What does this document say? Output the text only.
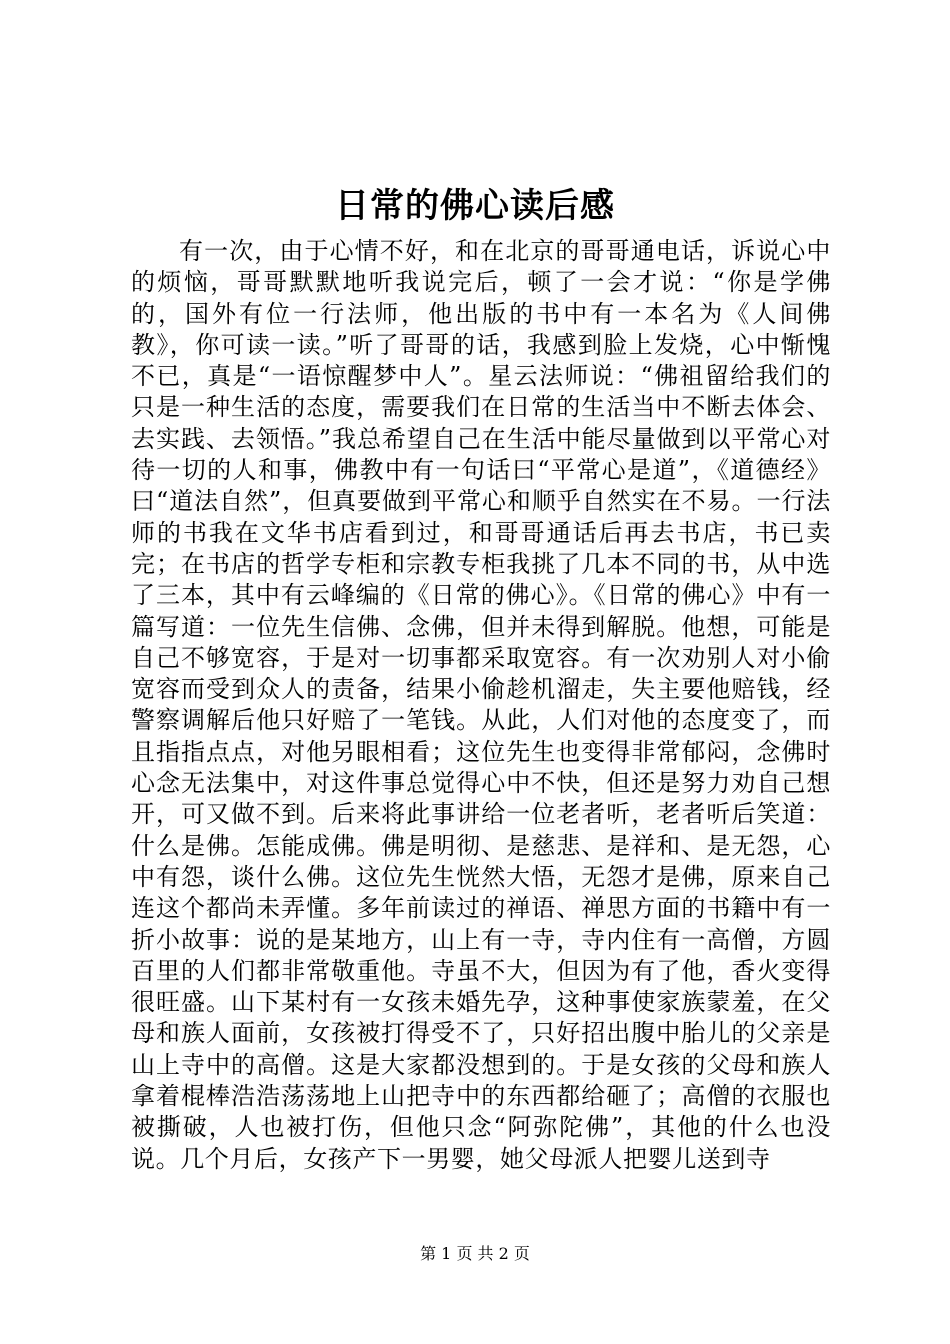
日常的佛心读后感

有一次，由于心情不好，和在北京的哥哥通电话，诉说心中的烦恼，哥哥默默地听我说完后，顿了一会才说：“你是学佛的，国外有位一行法师，他出版的书中有一本名为《人间佛教》，你可读一读。”听了哥哥的话，我感到脸上发烧，心中惭愧不已，真是“一语惊醒梦中人”。星云法师说：“佛祖留给我们的只是一种生活的态度，需要我们在日常的生活当中不断去体会、去实践、去领悟。”我总希望自己在生活中能尽量做到以平常心对待一切的人和事，佛教中有一句话曰“平常心是道”，《道德经》曰“道法自然”，但真要做到平常心和顺乎自然实在不易。一行法师的书我在文华书店看到过，和哥哥通话后再去书店，书已卖完；在书店的哲学专柜和宗教专柜我挑了几本不同的书，从中选了三本，其中有云峰编的《日常的佛心》。《日常的佛心》中有一篇写道：一位先生信佛、念佛，但并未得到解脱。他想，可能是自己不够宽容，于是对一切事都采取宽容。有一次劝别人对小偷宽容而受到众人的责备，结果小偷趁机溜走，失主要他赔钱，经警察调解后他只好赔了一笔钱。从此，人们对他的态度变了，而且指指点点，对他另眼相看；这位先生也变得非常郁闷，念佛时心念无法集中，对这件事总觉得心中不快，但还是努力劝自己想开，可又做不到。后来将此事讲给一位老者听，老者听后笑道：什么是佛。怎能成佛。佛是明彻、是慈悲、是祥和、是无怨，心中有怨，谈什么佛。这位先生恍然大悟，无怨才是佛，原来自己连这个都尚未弄懂。多年前读过的禅语、禅思方面的书籍中有一折小故事：说的是某地方，山上有一寺，寺内住有一高僧，方圆百里的人们都非常敬重他。寺虽不大，但因为有了他，香火变得很旺盛。山下某村有一女孩未婚先孕，这种事使家族蒙羞，在父母和族人面前，女孩被打得受不了，只好招出腹中胎儿的父亲是山上寺中的高僧。这是大家都没想到的。于是女孩的父母和族人拿着棍棒浩浩荡荡地上山把寺中的东西都给砸了；高僧的衣服也被撕破，人也被打伤，但他只念“阿弥陀佛”，其他的什么也没说。几个月后，女孩产下一男婴，她父母派人把婴儿送到寺

第 1 页 共 2 页
